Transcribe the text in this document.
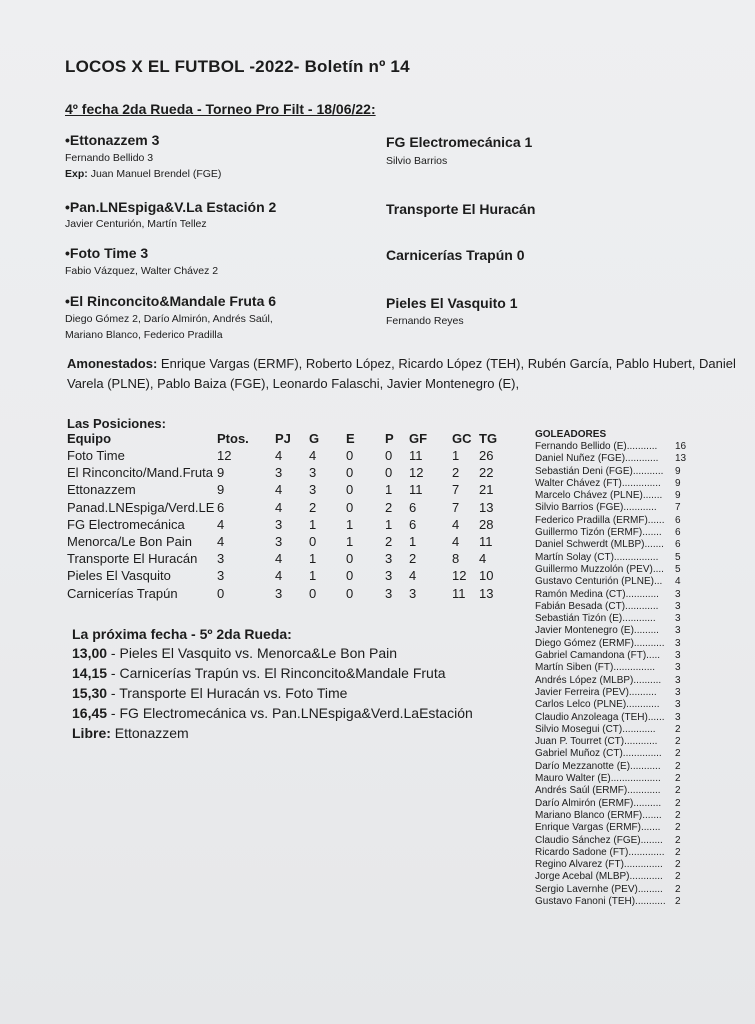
LOCOS X EL FUTBOL -2022- Boletín nº 14
4º fecha 2da Rueda - Torneo Pro Filt - 18/06/22:
•Ettonazzem 3
Fernando Bellido 3
Exp: Juan Manuel Brendel (FGE)
FG Electromecánica 1
Silvio Barrios
•Pan.LNEspiga&V.La Estación 2
Javier Centurión, Martín Tellez
Transporte El Huracán
•Foto Time 3
Fabio Vázquez, Walter Chávez 2
Carnicerías Trapún 0
•El Rinconcito&Mandale Fruta 6
Diego Gómez 2, Darío Almirón, Andrés Saúl,
Mariano Blanco, Federico Pradilla
Pieles El Vasquito 1
Fernando Reyes
Amonestados: Enrique Vargas (ERMF), Roberto López, Ricardo López (TEH), Rubén García, Pablo Hubert, Daniel Varela (PLNE), Pablo Baiza (FGE), Leonardo Falaschi, Javier Montenegro (E),
Las Posiciones:
Equipo	Ptos. PJ G E P GF GC TG
Foto Time	12	4 4 0 0 11 1 26
El Rinconcito/Mand.Fruta 9	3 3 0 0 12 2 22
Ettonazzem	9	4 3 0 1 11 7 21
Panad.LNEspiga/Verd.LE 6	4 2 0 2 6	7 13
FG Electromecánica 4	3 1 1 1 6	4 28
Menorca/Le Bon Pain 4	3 0 1 2 1	4 11
Transporte El Huracán 3	4 1 0 3 2	8 4
Pieles El Vasquito	3	4 1 0 3 4	12 10
Carnicerías Trapún	0	3 0 0 3 3	11 13
La próxima fecha - 5º 2da Rueda:
13,00 - Pieles El Vasquito vs. Menorca&Le Bon Pain
14,15 - Carnicerías Trapún vs. El Rinconcito&Mandale Fruta
15,30 - Transporte El Huracán vs. Foto Time
16,45 - FG Electromecánica vs. Pan.LNEspiga&Verd.LaEstación
Libre: Ettonazzem
GOLEADORES
Fernando Bellido (E)........... 16
Daniel Nuñez (FGE)............ 13
Sebastián Deni (FGE)........... 9
Walter Chávez (FT).............. 9
Marcelo Chávez (PLNE)....... 9
Silvio Barrios (FGE)............ 7
Federico Pradilla (ERMF)...... 6
Guillermo Tizón (ERMF)....... 6
Daniel Schwerdt (MLBP)....... 6
Martín Solay (CT)................ 5
Guillermo Muzzolón (PEV).... 5
Gustavo Centurión (PLNE)... 4
Ramón Medina (CT)............ 3
Fabián Besada (CT)............ 3
Sebastián Tizón (E)............ 3
Javier Montenegro (E)......... 3
Diego Gómez (ERMF)........... 3
Gabriel Camandona (FT)..... 3
Martín Siben (FT)............... 3
Andrés López (MLBP).......... 3
Javier Ferreira (PEV).......... 3
Carlos Lelco (PLNE)............ 3
Claudio Anzoleaga (TEH)...... 3
Silvio Mosegui (CT)............ 2
Juan P. Tourret (CT)............ 2
Gabriel Muñoz (CT).............. 2
Darío Mezzanotte (E)........... 2
Mauro Walter (E).................. 2
Andrés Saúl (ERMF)............ 2
Darío Almirón (ERMF).......... 2
Mariano Blanco (ERMF)....... 2
Enrique Vargas (ERMF)....... 2
Claudio Sánchez (FGE)........ 2
Ricardo Sadone (FT)............. 2
Regino Alvarez (FT).............. 2
Jorge Acebal (MLBP)............ 2
Sergio Lavernhe (PEV)......... 2
Gustavo Fanoni (TEH)........... 2
